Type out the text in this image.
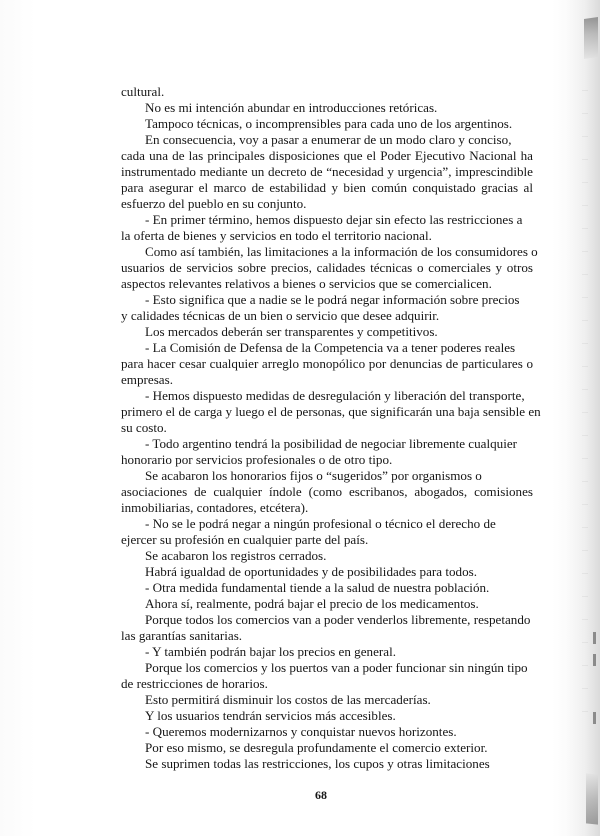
cultural.
No es mi intención abundar en introducciones retóricas.
Tampoco técnicas, o incomprensibles para cada uno de los argentinos.
En consecuencia, voy a pasar a enumerar de un modo claro y conciso,
cada una de las principales disposiciones que el Poder Ejecutivo Nacional ha
instrumentado mediante un decreto de “necesidad y urgencia”, imprescindible
para asegurar el marco de estabilidad y bien común conquistado gracias al
esfuerzo del pueblo en su conjunto.
- En primer término, hemos dispuesto dejar sin efecto las restricciones a
la oferta de bienes y servicios en todo el territorio nacional.
Como así también, las limitaciones a la información de los consumidores o
usuarios de servicios sobre precios, calidades técnicas o comerciales y otros
aspectos relevantes relativos a bienes o servicios que se comercialicen.
- Esto significa que a nadie se le podrá negar información sobre precios
y calidades técnicas de un bien o servicio que desee adquirir.
Los mercados deberán ser transparentes y competitivos.
- La Comisión de Defensa de la Competencia va a tener poderes reales
para hacer cesar cualquier arreglo monopólico por denuncias de particulares o
empresas.
- Hemos dispuesto medidas de desregulación y liberación del transporte,
primero el de carga y luego el de personas, que significarán una baja sensible en
su costo.
- Todo argentino tendrá la posibilidad de negociar libremente cualquier
honorario por servicios profesionales o de otro tipo.
Se acabaron los honorarios fijos o “sugeridos” por organismos o
asociaciones de cualquier índole (como escribanos, abogados, comisiones
inmobiliarias, contadores, etcétera).
- No se le podrá negar a ningún profesional o técnico el derecho de
ejercer su profesión en cualquier parte del país.
Se acabaron los registros cerrados.
Habrá igualdad de oportunidades y de posibilidades para todos.
- Otra medida fundamental tiende a la salud de nuestra población.
Ahora sí, realmente, podrá bajar el precio de los medicamentos.
Porque todos los comercios van a poder venderlos libremente, respetando
las garantías sanitarias.
- Y también podrán bajar los precios en general.
Porque los comercios y los puertos van a poder funcionar sin ningún tipo
de restricciones de horarios.
Esto permitirá disminuir los costos de las mercaderías.
Y los usuarios tendrán servicios más accesibles.
- Queremos modernizarnos y conquistar nuevos horizontes.
Por eso mismo, se desregula profundamente el comercio exterior.
Se suprimen todas las restricciones, los cupos y otras limitaciones
68
